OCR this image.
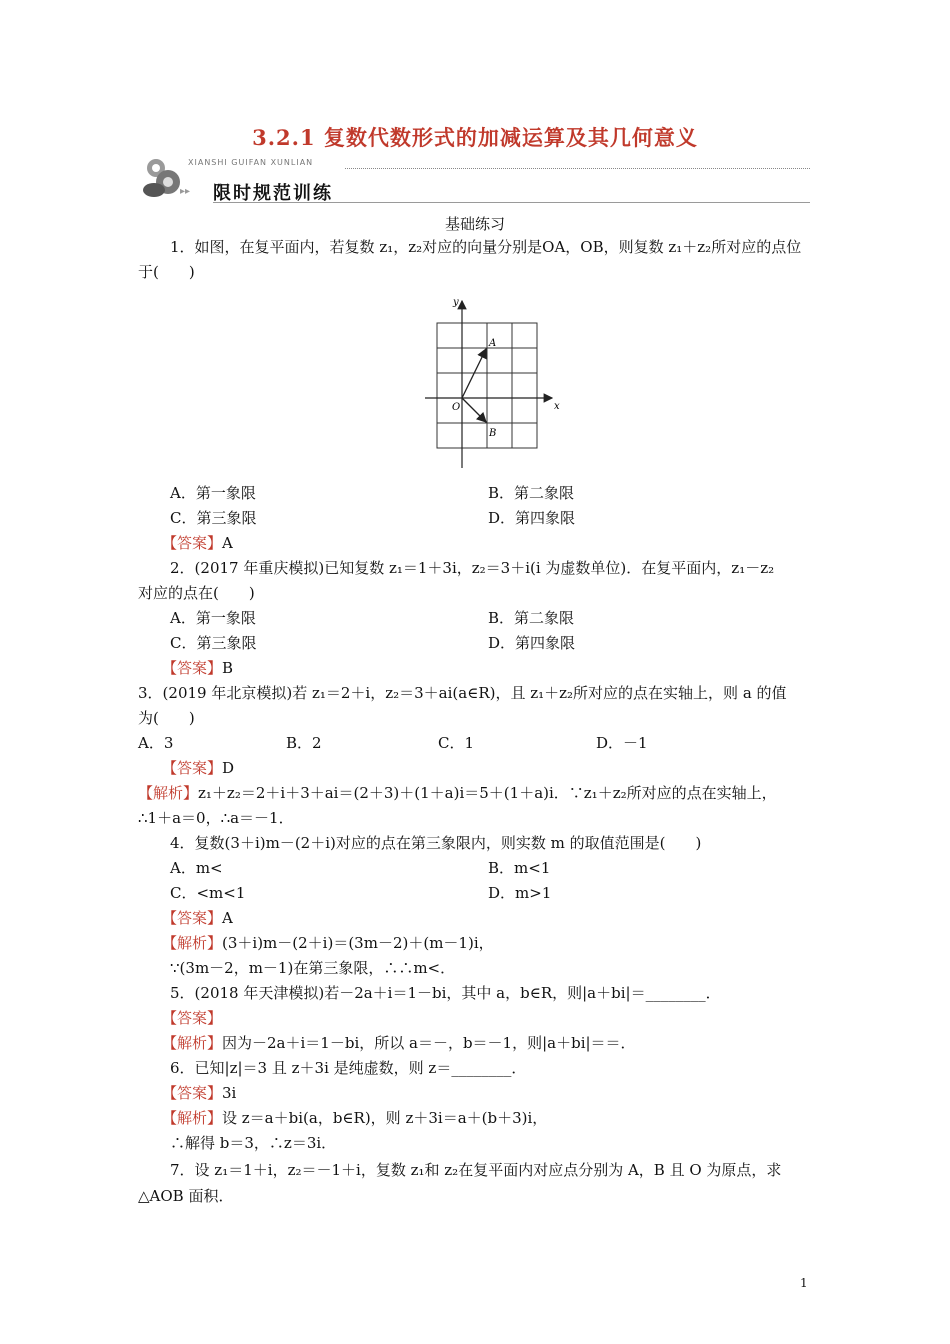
3.2.1 复数代数形式的加减运算及其几何意义
XIANSHI GUIFAN XUNLIAN
▸▸ 限时规范训练
基础练习
1．如图，在复平面内，若复数 z₁，z₂对应的向量分别是OA，OB，则复数 z₁＋z₂所对应的点位
于(　　)
x
y
O
A
B
A．第一象限	B．第二象限
C．第三象限	D．第四象限
【答案】A
2．(2017 年重庆模拟)已知复数 z₁＝1＋3i，z₂＝3＋i(i 为虚数单位)．在复平面内，z₁－z₂
对应的点在(　　)
A．第一象限	B．第二象限
C．第三象限	D．第四象限
【答案】B
3．(2019 年北京模拟)若 z₁＝2＋i，z₂＝3＋ai(a∈R)，且 z₁＋z₂所对应的点在实轴上，则 a 的值
为(　　)
A．3	B．2	C．1	D．－1
【答案】D
【解析】z₁＋z₂＝2＋i＋3＋ai＝(2＋3)＋(1＋a)i＝5＋(1＋a)i．∵z₁＋z₂所对应的点在实轴上，
∴1＋a＝0，∴a＝－1．
4．复数(3＋i)m－(2＋i)对应的点在第三象限内，则实数 m 的取值范围是(　　)
A．m<	B．m<1
C．<m<1	D．m>1
【答案】A
【解析】(3＋i)m－(2＋i)＝(3m－2)＋(m－1)i，
∵(3m－2，m－1)在第三象限，∴∴m<．
5．(2018 年天津模拟)若－2a＋i＝1－bi，其中 a，b∈R，则|a＋bi|＝________．
【答案】
【解析】因为－2a＋i＝1－bi，所以 a＝－，b＝－1，则|a＋bi|＝＝．
6．已知|z|＝3 且 z＋3i 是纯虚数，则 z＝________．
【答案】3i
【解析】设 z＝a＋bi(a，b∈R)，则 z＋3i＝a＋(b＋3)i，
∴解得 b＝3，∴z＝3i．
7．设 z₁＝1＋i，z₂＝－1＋i，复数 z₁和 z₂在复平面内对应点分别为 A，B 且 O 为原点，求
△AOB 面积．
1
